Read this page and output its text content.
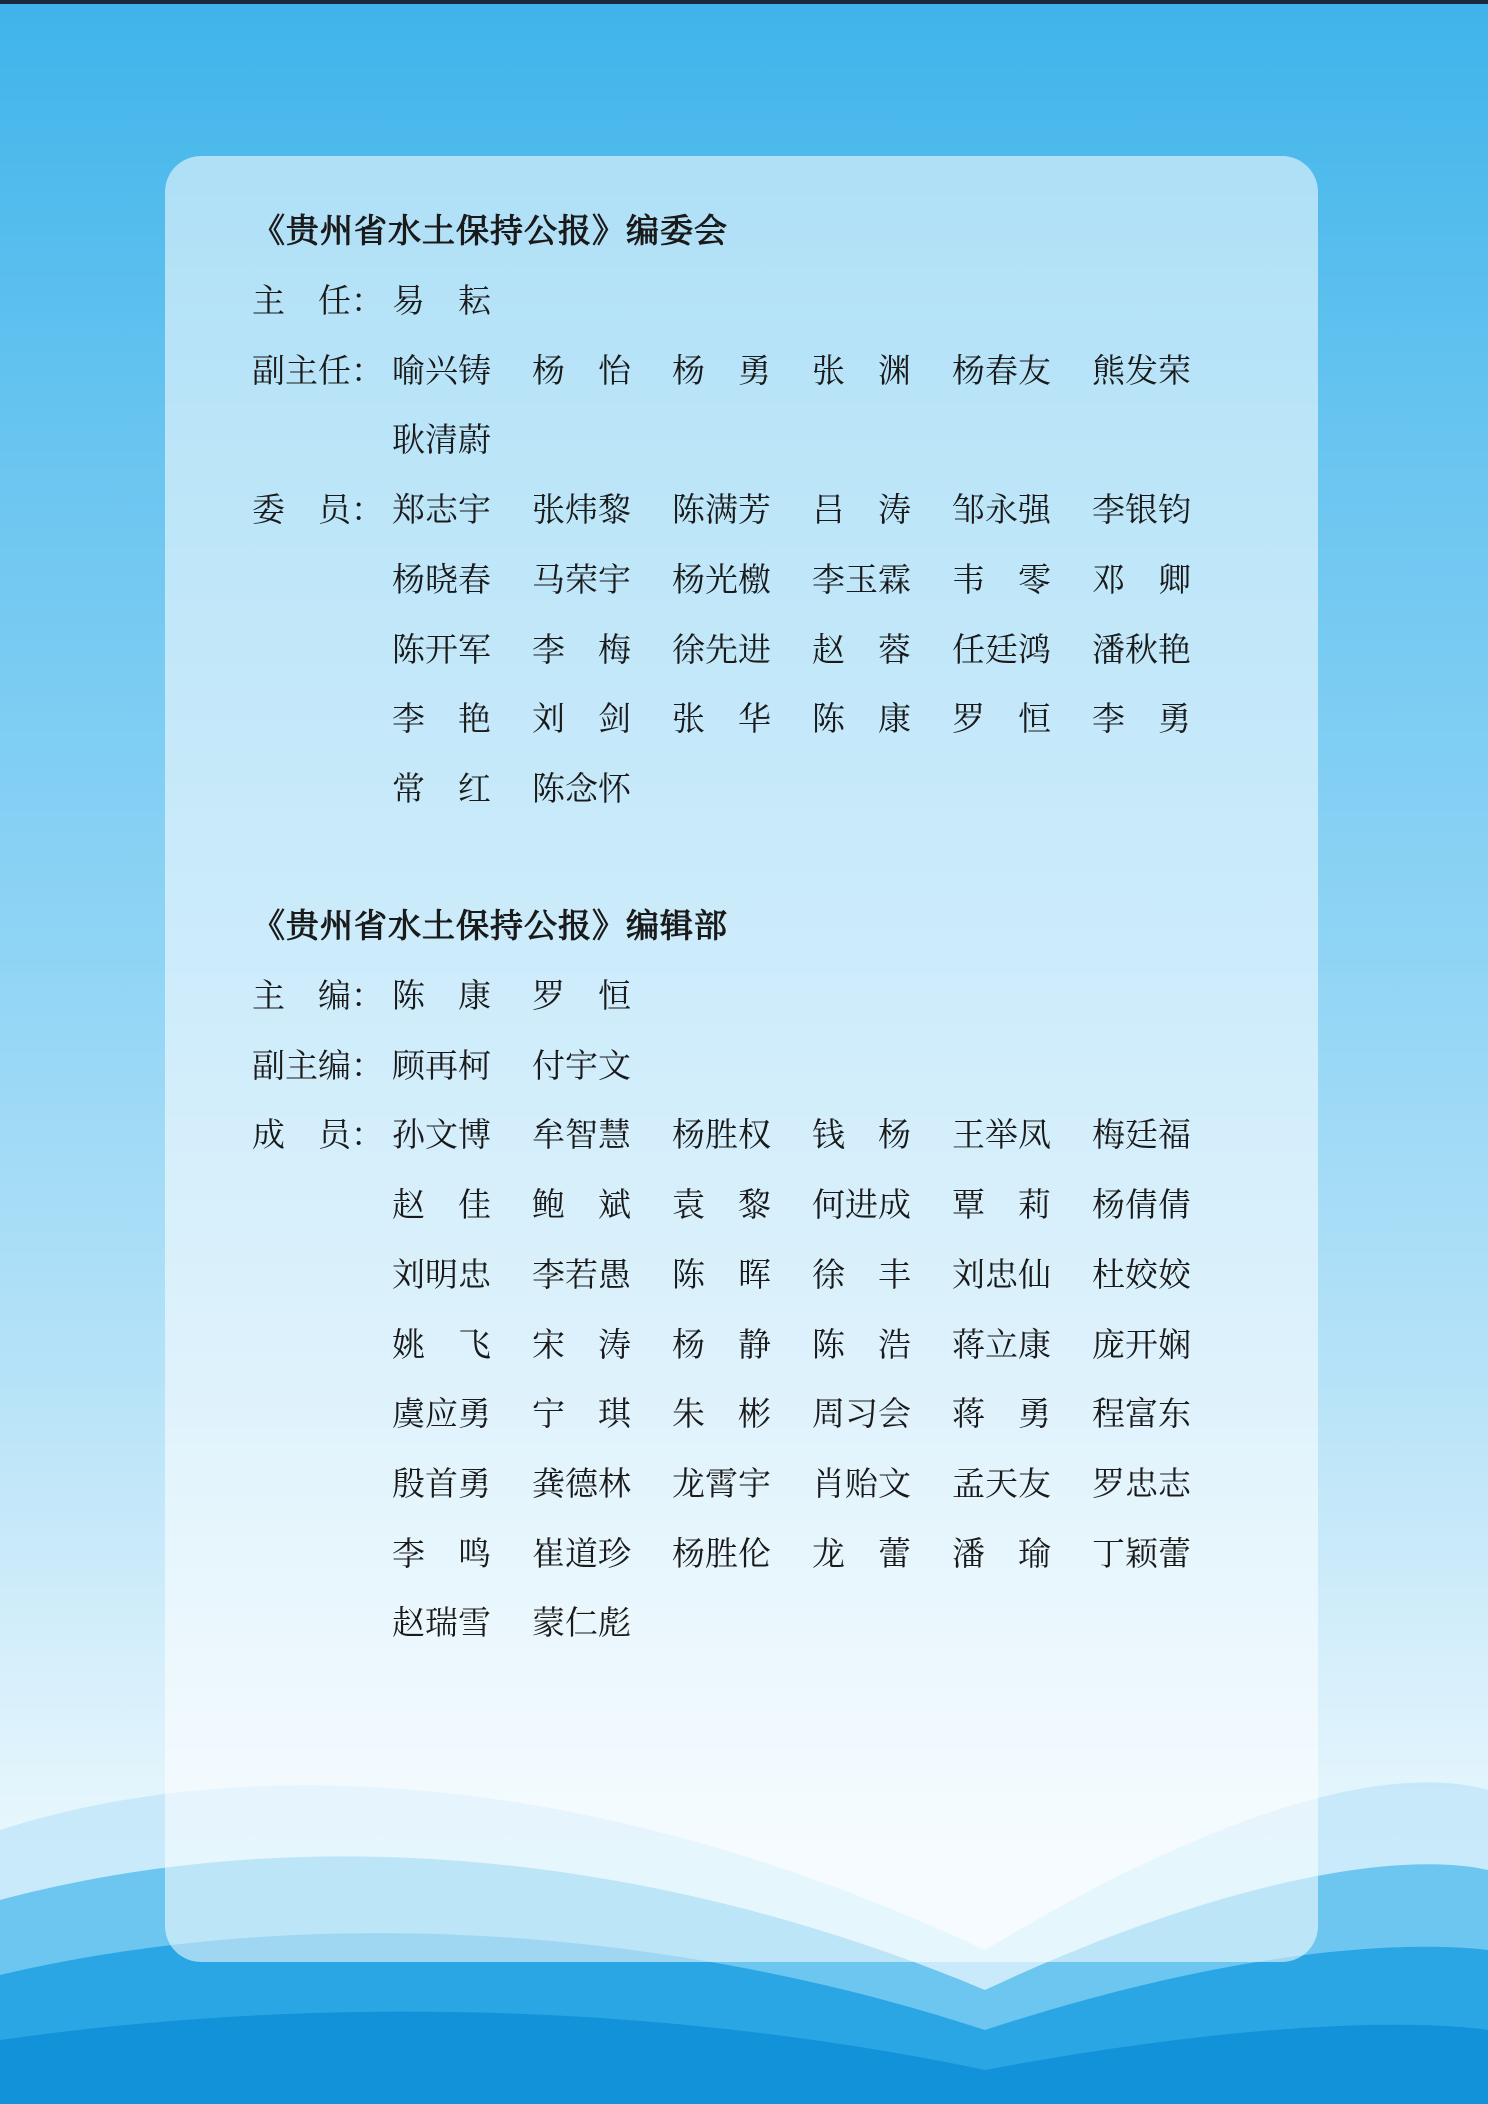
《贵州省水土保持公报》编委会
主　任： 易　耘
副主任： 喻兴铸	杨　怡	杨　勇	张　渊	杨春友	熊发荣
耿清蔚
委　员： 郑志宇	张炜黎	陈满芳	吕　涛	邹永强	李银钧
杨晓春	马荣宇	杨光檄	李玉霖	韦　零	邓　卿
陈开军	李　梅	徐先进	赵　蓉	任廷鸿	潘秋艳
李　艳	刘　剑	张　华	陈　康	罗　恒	李　勇
常　红	陈念怀
《贵州省水土保持公报》编辑部
主　编： 陈　康	罗　恒
副主编： 顾再柯	付宇文
成　员： 孙文博	牟智慧	杨胜权	钱　杨	王举凤	梅廷福
赵　佳	鲍　斌	袁　黎	何进成	覃　莉	杨倩倩
刘明忠	李若愚	陈　晖	徐　丰	刘忠仙	杜姣姣
姚　飞	宋　涛	杨　静	陈　浩	蒋立康	庞开娴
虞应勇	宁　琪	朱　彬	周习会	蒋　勇	程富东
殷首勇	龚德林	龙霄宇	肖贻文	孟天友	罗忠志
李　鸣	崔道珍	杨胜伦	龙　蕾	潘　瑜	丁颖蕾
赵瑞雪	蒙仁彪
